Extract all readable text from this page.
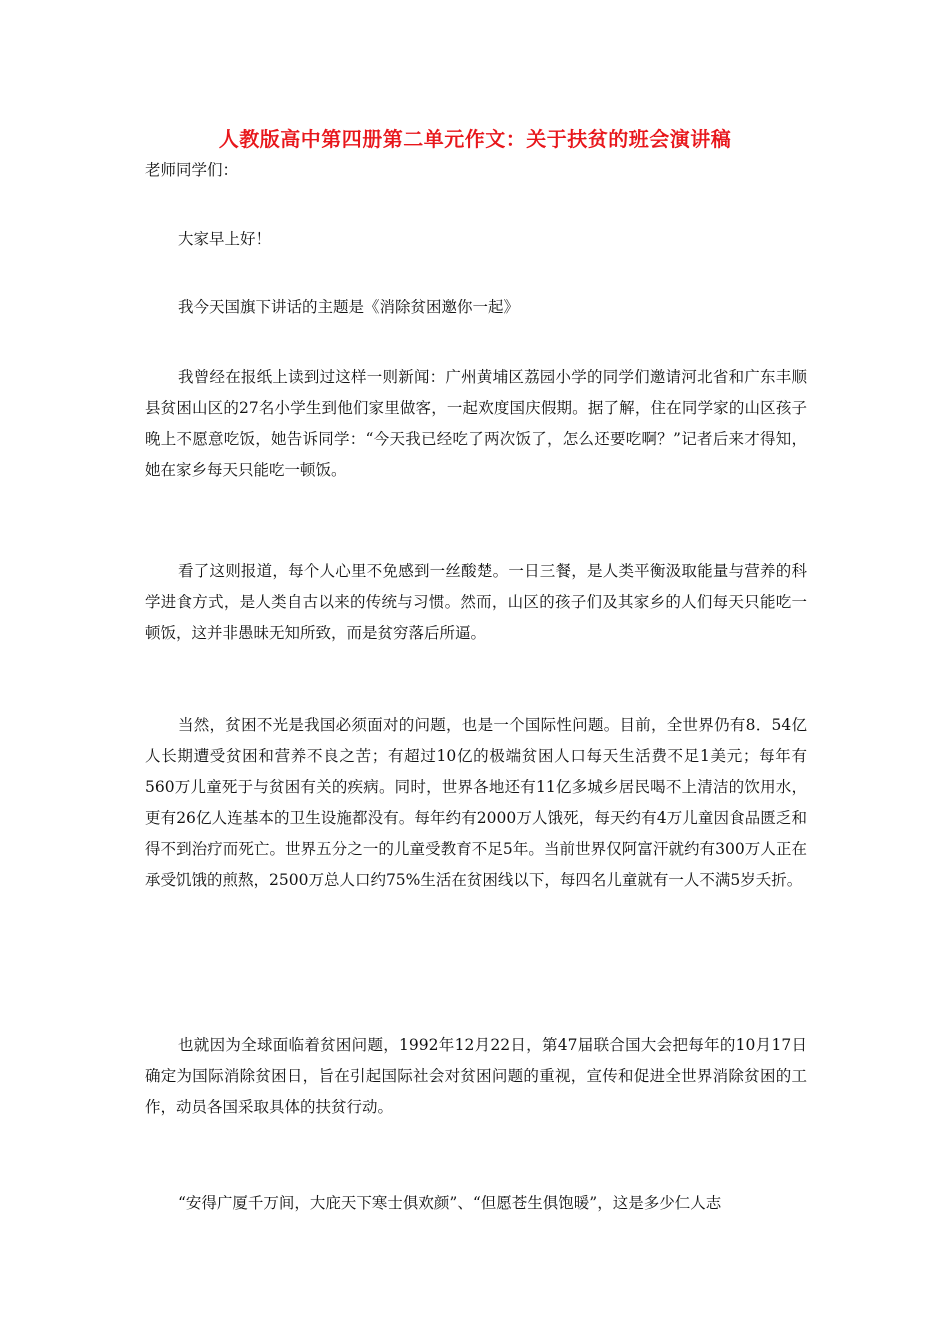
人教版高中第四册第二单元作文：关于扶贫的班会演讲稿
老师同学们：
大家早上好！
我今天国旗下讲话的主题是《消除贫困邀你一起》
我曾经在报纸上读到过这样一则新闻：广州黄埔区荔园小学的同学们邀请河北省和广东丰顺县贫困山区的27名小学生到他们家里做客，一起欢度国庆假期。据了解，住在同学家的山区孩子晚上不愿意吃饭，她告诉同学：“今天我已经吃了两次饭了，怎么还要吃啊？”记者后来才得知，她在家乡每天只能吃一顿饭。
看了这则报道，每个人心里不免感到一丝酸楚。一日三餐，是人类平衡汲取能量与营养的科学进食方式，是人类自古以来的传统与习惯。然而，山区的孩子们及其家乡的人们每天只能吃一顿饭，这并非愚昧无知所致，而是贫穷落后所逼。
当然，贫困不光是我国必须面对的问题，也是一个国际性问题。目前，全世界仍有8．54亿人长期遭受贫困和营养不良之苦；有超过10亿的极端贫困人口每天生活费不足1美元；每年有560万儿童死于与贫困有关的疾病。同时，世界各地还有11亿多城乡居民喝不上清洁的饮用水，更有26亿人连基本的卫生设施都没有。每年约有2000万人饿死，每天约有4万儿童因食品匮乏和得不到治疗而死亡。世界五分之一的儿童受教育不足5年。当前世界仅阿富汗就约有300万人正在承受饥饿的煎熬，2500万总人口约75%生活在贫困线以下，每四名儿童就有一人不满5岁夭折。
也就因为全球面临着贫困问题，1992年12月22日，第47届联合国大会把每年的10月17日确定为国际消除贫困日，旨在引起国际社会对贫困问题的重视，宣传和促进全世界消除贫困的工作，动员各国采取具体的扶贫行动。
“安得广厦千万间，大庇天下寒士俱欢颜”、“但愿苍生俱饱暖”，这是多少仁人志
